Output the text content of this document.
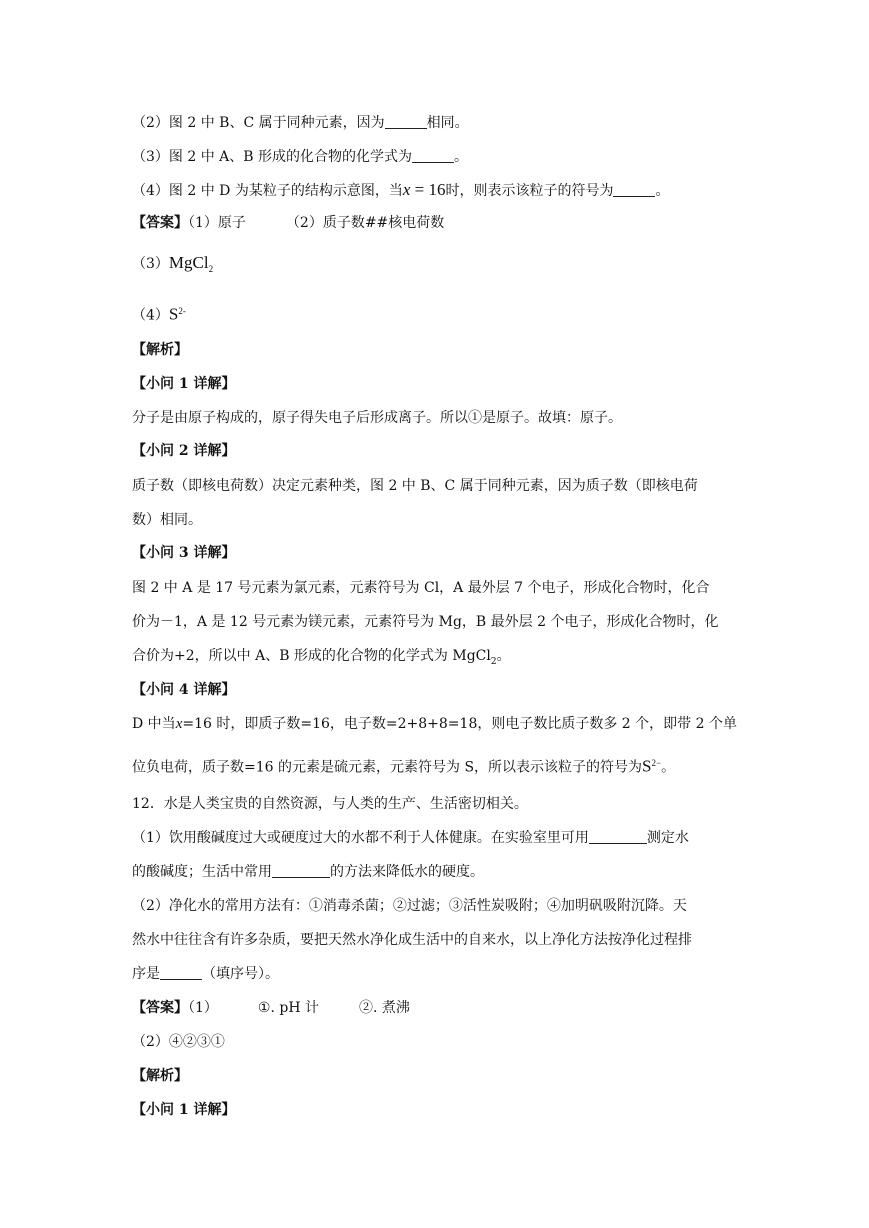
（2）图 2 中 B、C 属于同种元素，因为	相同。
（3）图 2 中 A、B 形成的化合物的化学式为	。
（4）图 2 中 D 为某粒子的结构示意图，当x = 16时，则表示该粒子的符号为	。
【答案】（1）原子	（2）质子数##核电荷数
（3）MgCl$_2$
$(4)S^{2-}$
【解析】
【小问 1 详解】
分子是由原子构成的，原子得失电子后形成离子。所以①是原子。故填：原子。
【小问 2 详解】
质子数（即核电荷数）决定元素种类，图 2 中 B、C 属于同种元素，因为质子数（即核电荷
数）相同。
【小问 3 详解】
图 2 中 A 是 17 号元素为氯元素，元素符号为 Cl，A 最外层 7 个电子，形成化合物时，化合
价为－1，A 是 12 号元素为镁元素，元素符号为 Mg，B 最外层 2 个电子，形成化合物时，化
合价为+2，所以中 A、B 形成的化合物的化学式为 MgCl$_2$。
【小问 4 详解】
D 中当x=16 时，即质子数=16，电子数=2+8+8=18，则电子数比质子数多 2 个，即带 2 个单
位负电荷，质子数=16 的元素是硫元素，元素符号为 S，所以表示该粒子的符号为$S^{2-}$。
12．水是人类宝贵的自然资源，与人类的生产、生活密切相关。
（1）饮用酸碱度过大或硬度过大的水都不利于人体健康。在实验室里可用	测定水
的酸碱度；生活中常用	的方法来降低水的硬度。
（2）净化水的常用方法有：①消毒杀菌；②过滤；③活性炭吸附；④加明矾吸附沉降。天
然水中往往含有许多杂质，要把天然水净化成生活中的自来水，以上净化方法按净化过程排
序是	（填序号）。
【答案】（1）	①. pH 计	②. 煮沸
（2）④②③①
【解析】
【小问 1 详解】
